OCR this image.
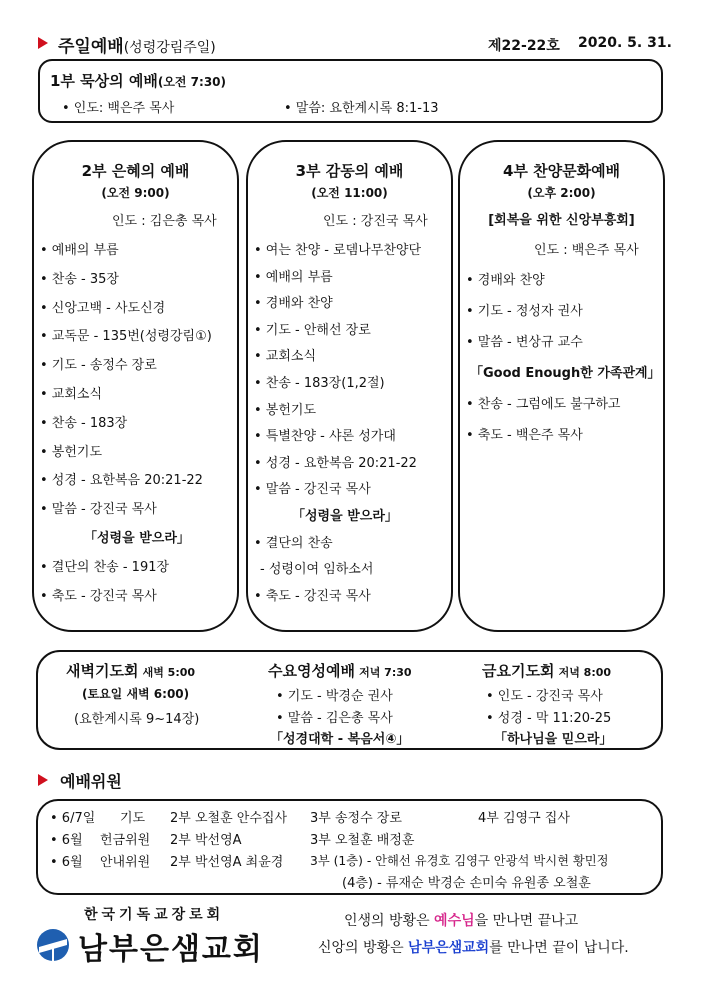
주일예배(성령강림주일)	제22-22호 2020. 5. 31.
1부 묵상의 예배(오전 7:30)
• 인도: 백은주 목사	• 말씀: 요한계시록 8:1-13
2부 은혜의 예배
(오전 9:00)
인도 : 김은총 목사
• 예배의 부름
• 찬송 - 35장
• 신앙고백 - 사도신경
• 교독문 - 135번(성령강림①)
• 기도 - 송정수 장로
• 교회소식
• 찬송 - 183장
• 봉헌기도
• 성경 - 요한복음 20:21-22
• 말씀 - 강진국 목사
「성령을 받으라」
• 결단의 찬송 - 191장
• 축도 - 강진국 목사
3부 감동의 예배
(오전 11:00)
인도 : 강진국 목사
• 여는 찬양 - 로뎀나무찬양단
• 예배의 부름
• 경배와 찬양
• 기도 - 안해선 장로
• 교회소식
• 찬송 - 183장(1,2절)
• 봉헌기도
• 특별찬양 - 샤론 성가대
• 성경 - 요한복음 20:21-22
• 말씀 - 강진국 목사
「성령을 받으라」
• 결단의 찬송
- 성령이여 임하소서
• 축도 - 강진국 목사
4부 찬양문화예배
(오후 2:00)
[회복을 위한 신앙부흥회]
인도 : 백은주 목사
• 경배와 찬양
• 기도 - 정성자 권사
• 말씀 - 변상규 교수
「Good Enough한 가족관계」
• 찬송 - 그럼에도 불구하고
• 축도 - 백은주 목사
새벽기도회 새벽 5:00
(토요일 새벽 6:00)
(요한계시록 9~14장)
수요영성예배 저녁 7:30
• 기도 - 박경순 권사
• 말씀 - 김은총 목사
「성경대학 - 복음서④」
금요기도회 저녁 8:00
• 인도 - 강진국 목사
• 성경 - 막 11:20-25
「하나님을 믿으라」
예배위원
• 6/7일 기도 2부 오철훈 안수집사 3부 송정수 장로	4부 김영구 집사
• 6월 헌금위원 2부 박선영A	3부 오철훈 배정훈
• 6월 안내위원 2부 박선영A 최윤경 3부 (1층) - 안해선 유경호 김영구 안광석 박시현 황민정
(4층) - 류재순 박경순 손미숙 유원종 오철훈
한국기독교장로회
남부은샘교회
인생의 방황은 예수님을 만나면 끝나고
신앙의 방황은 남부은샘교회를 만나면 끝이 납니다.
